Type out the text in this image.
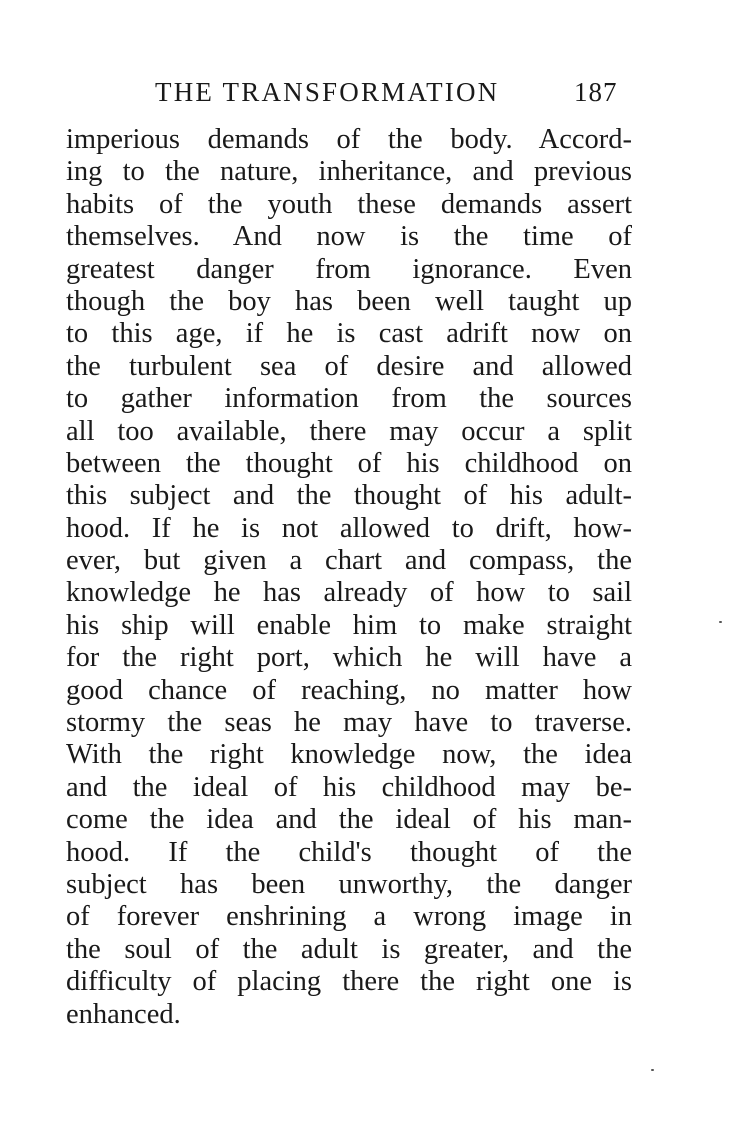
THE TRANSFORMATION	187
imperious demands of the body. Accord-
ing to the nature, inheritance, and previous
habits of the youth these demands assert
themselves. And now is the time of
greatest danger from ignorance. Even
though the boy has been well taught up
to this age, if he is cast adrift now on
the turbulent sea of desire and allowed
to gather information from the sources
all too available, there may occur a split
between the thought of his childhood on
this subject and the thought of his adult-
hood. If he is not allowed to drift, how-
ever, but given a chart and compass, the
knowledge he has already of how to sail
his ship will enable him to make straight
for the right port, which he will have a
good chance of reaching, no matter how
stormy the seas he may have to traverse.
With the right knowledge now, the idea
and the ideal of his childhood may be-
come the idea and the ideal of his man-
hood. If the child's thought of the
subject has been unworthy, the danger
of forever enshrining a wrong image in
the soul of the adult is greater, and the
difficulty of placing there the right one is
enhanced.
